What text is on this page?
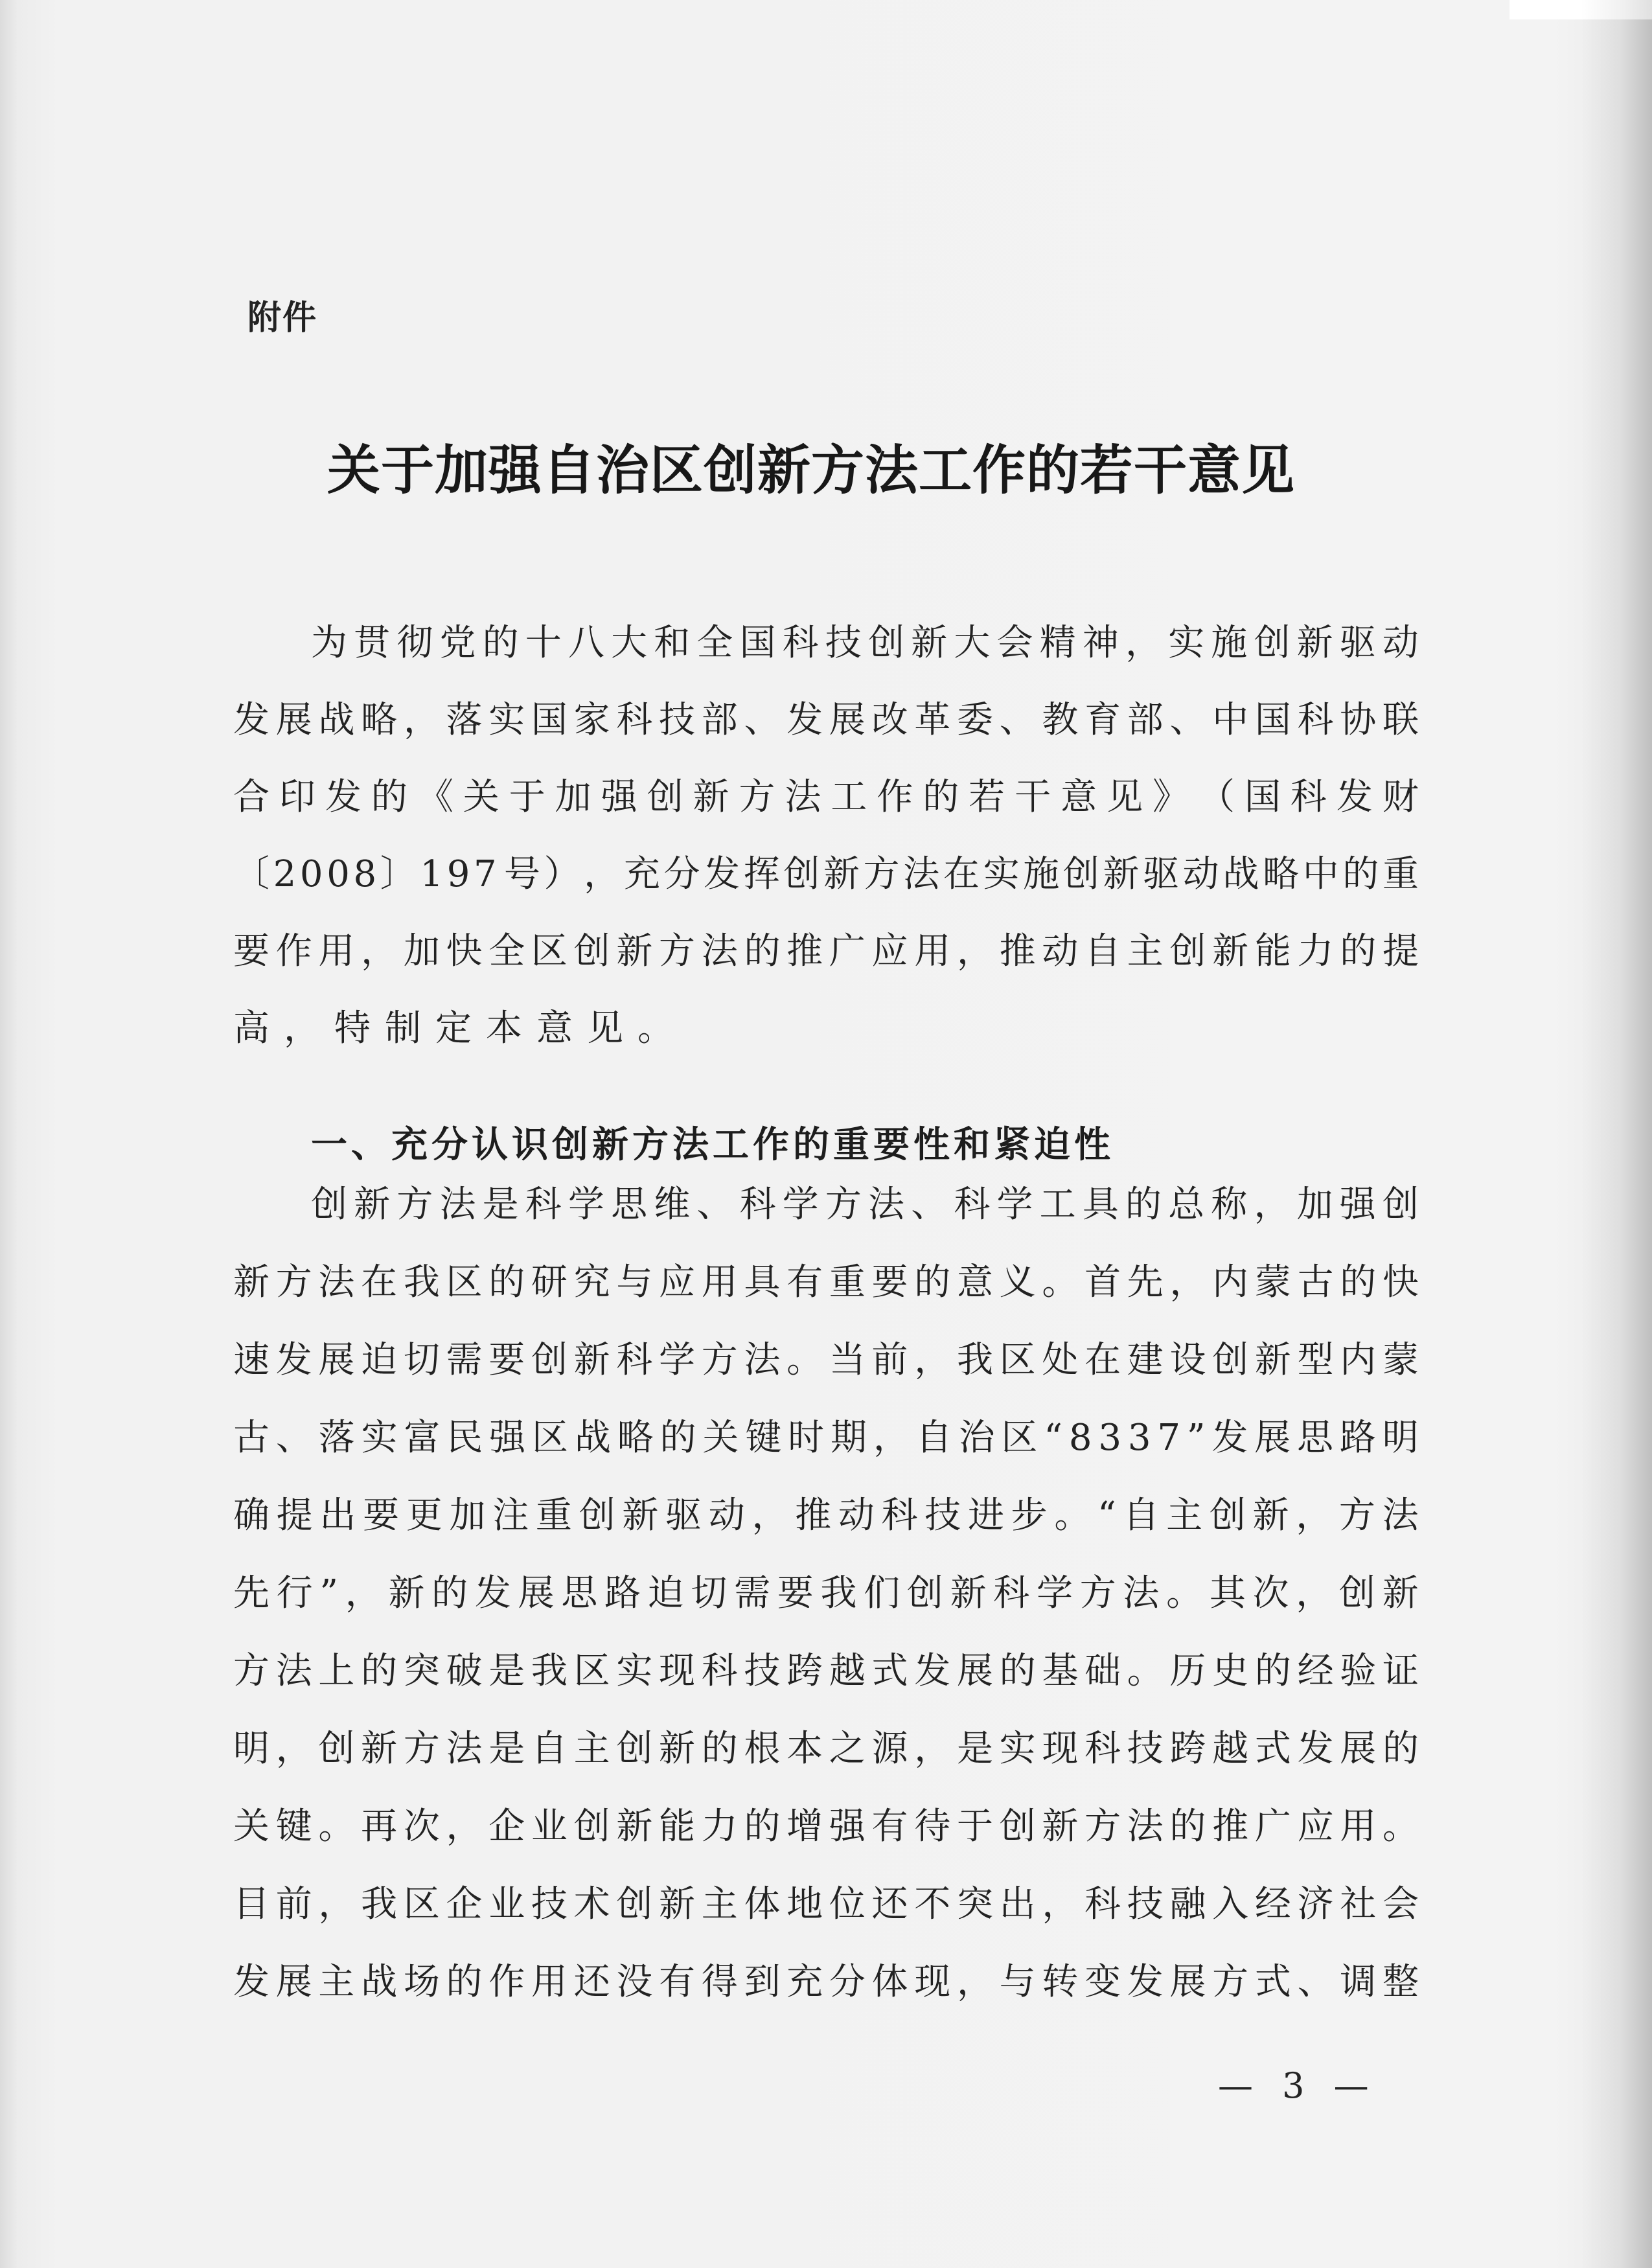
附件
关于加强自治区创新方法工作的若干意见
为 贯 彻 党 的 十 八 大 和 全 国 科 技 创 新 大 会 精 神 ， 实 施 创 新 驱 动
发 展 战 略 ， 落 实 国 家 科 技 部 、 发 展 改 革 委 、 教 育 部 、 中 国 科 协 联
合 印 发 的 《 关 于 加 强 创 新 方 法 工 作 的 若 干 意 见 》 （ 国 科 发 财
〔 2 0 0 8 〕 1 9 7 号 ） ， 充 分 发 挥 创 新 方 法 在 实 施 创 新 驱 动 战 略 中 的 重
要 作 用 ， 加 快 全 区 创 新 方 法 的 推 广 应 用 ， 推 动 自 主 创 新 能 力 的 提
高，特制定本意见。
一、充分认识创新方法工作的重要性和紧迫性
创 新 方 法 是 科 学 思 维 、 科 学 方 法 、 科 学 工 具 的 总 称 ， 加 强 创
新 方 法 在 我 区 的 研 究 与 应 用 具 有 重 要 的 意 义 。 首 先 ， 内 蒙 古 的 快
速 发 展 迫 切 需 要 创 新 科 学 方 法 。 当 前 ， 我 区 处 在 建 设 创 新 型 内 蒙
古 、 落 实 富 民 强 区 战 略 的 关 键 时 期 ， 自 治 区 “ 8 3 3 7 ” 发 展 思 路 明
确 提 出 要 更 加 注 重 创 新 驱 动 ， 推 动 科 技 进 步 。 “ 自 主 创 新 ， 方 法
先 行 ” ， 新 的 发 展 思 路 迫 切 需 要 我 们 创 新 科 学 方 法 。 其 次 ， 创 新
方 法 上 的 突 破 是 我 区 实 现 科 技 跨 越 式 发 展 的 基 础 。 历 史 的 经 验 证
明 ， 创 新 方 法 是 自 主 创 新 的 根 本 之 源 ， 是 实 现 科 技 跨 越 式 发 展 的
关 键 。 再 次 ， 企 业 创 新 能 力 的 增 强 有 待 于 创 新 方 法 的 推 广 应 用 。
目 前 ， 我 区 企 业 技 术 创 新 主 体 地 位 还 不 突 出 ， 科 技 融 入 经 济 社 会
发 展 主 战 场 的 作 用 还 没 有 得 到 充 分 体 现 ， 与 转 变 发 展 方 式 、 调 整
— 3 —
